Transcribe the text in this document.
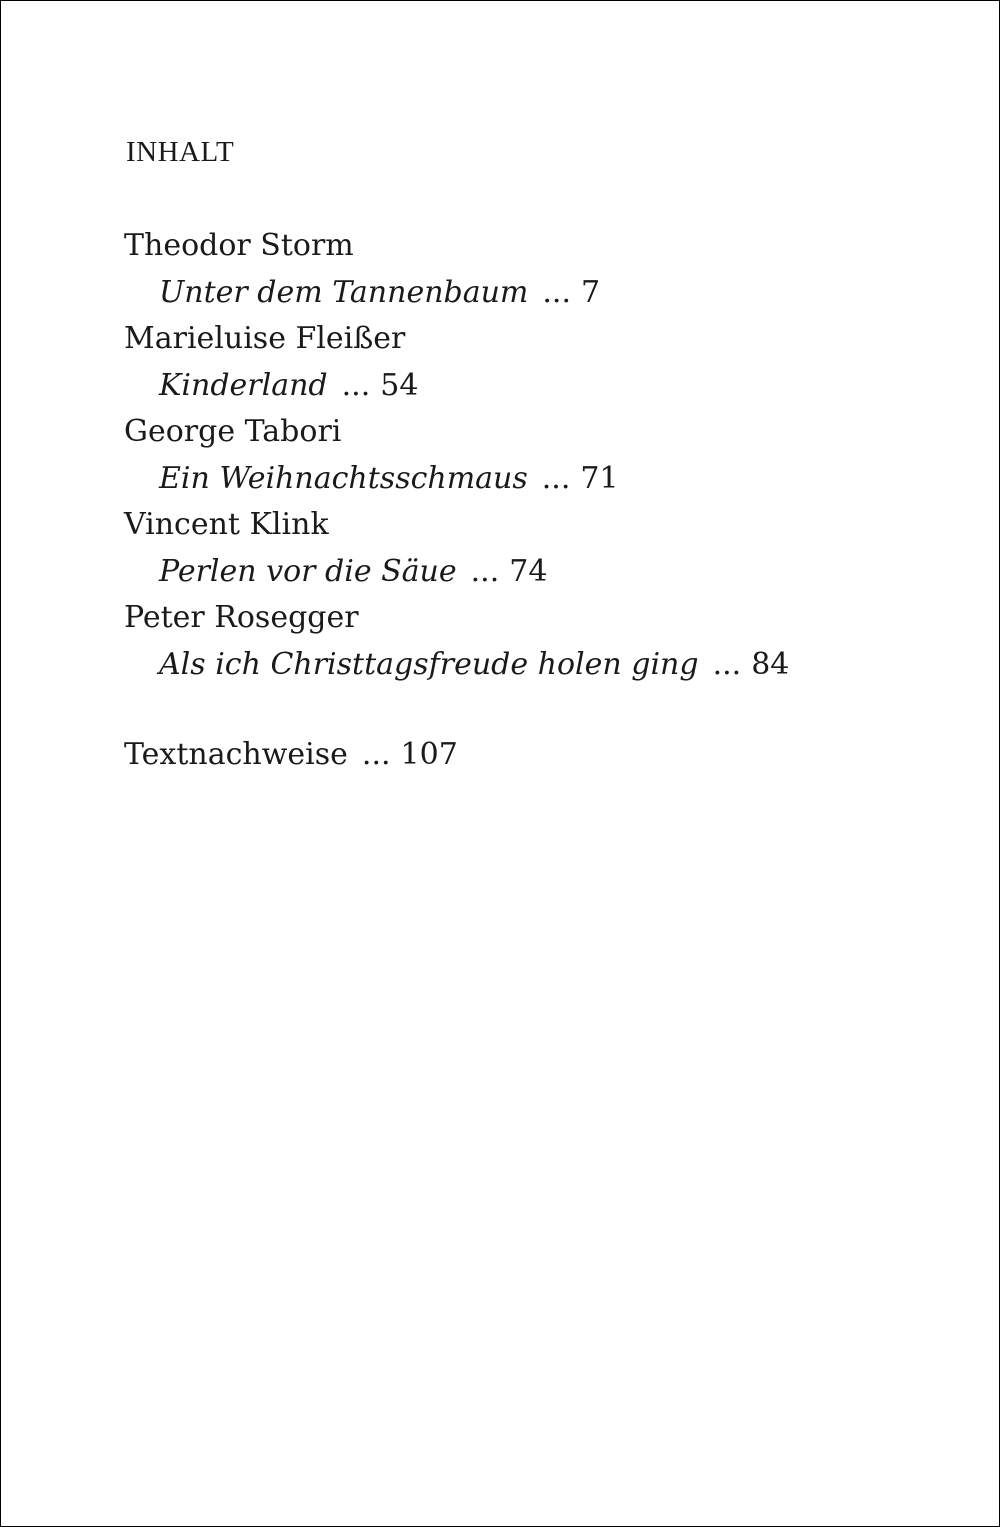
INHALT
Theodor Storm
Unter dem Tannenbaum ... 7
Marieluise Fleißer
Kinderland ... 54
George Tabori
Ein Weihnachtsschmaus ... 71
Vincent Klink
Perlen vor die Säue ... 74
Peter Rosegger
Als ich Christtagsfreude holen ging ... 84
Textnachweise ... 107
